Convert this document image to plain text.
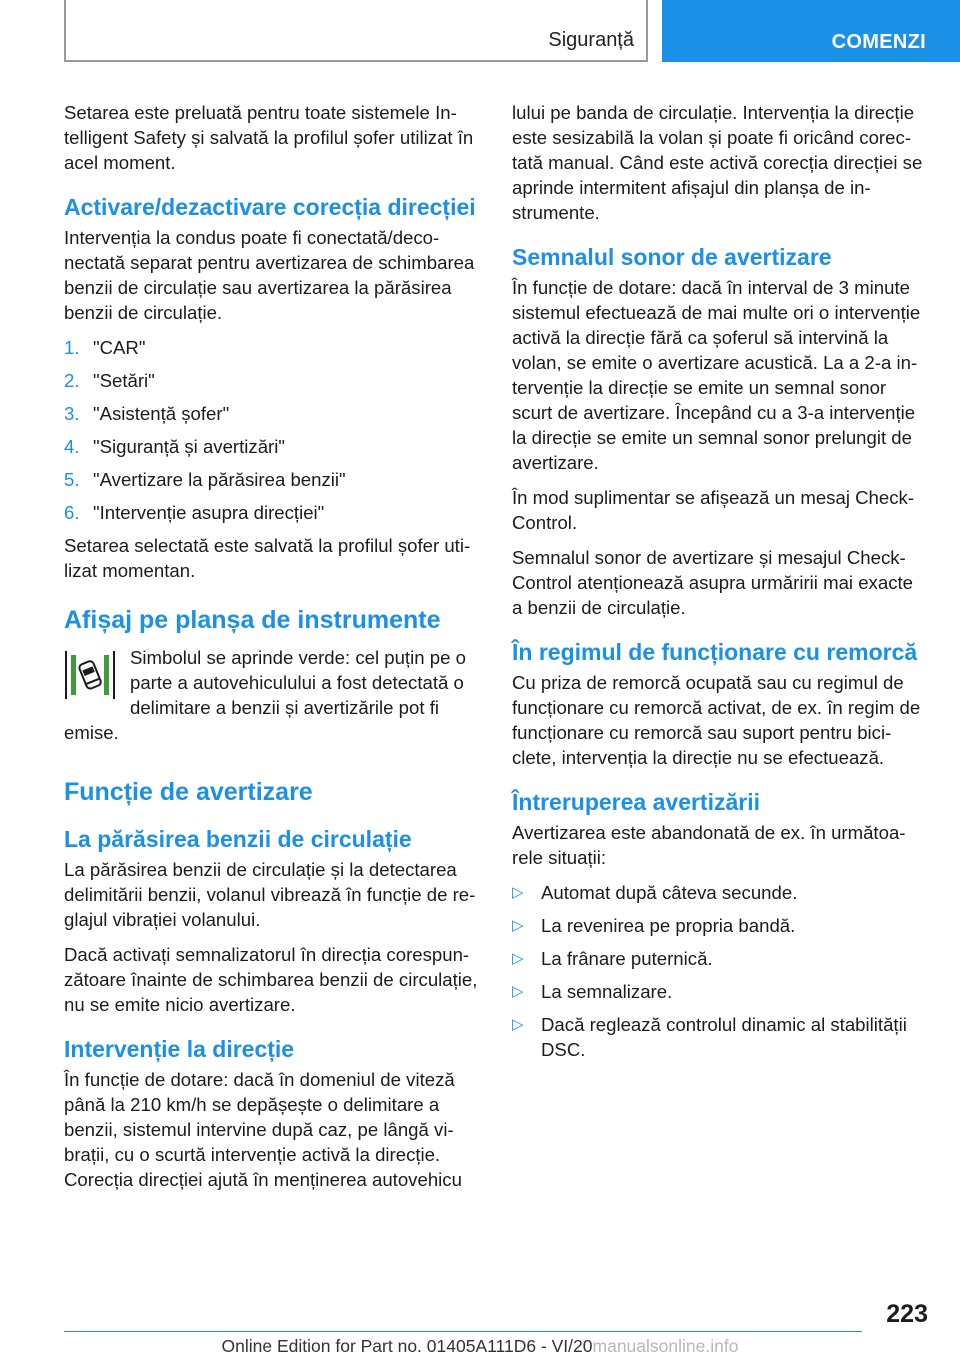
Siguranță	COMENZI

Setarea este preluată pentru toate sistemele Intelligent Safety și salvată la profilul șofer utilizat în acel moment.

Activare/dezactivare corecția direcției

Intervenția la condus poate fi conectată/deconectată separat pentru avertizarea de schimbarea benzii de circulație sau avertizarea la părăsirea benzii de circulație.

1. "CAR"
2. "Setări"
3. "Asistență șofer"
4. "Siguranță și avertizări"
5. "Avertizare la părăsirea benzii"
6. "Intervenție asupra direcției"

Setarea selectată este salvată la profilul șofer utilizat momentan.

Afișaj pe planșa de instrumente

Simbolul se aprinde verde: cel puțin pe o parte a autovehiculului a fost detectată o delimitare a benzii și avertizările pot fi emise.

Funcție de avertizare
La părăsirea benzii de circulație

La părăsirea benzii de circulație și la detectarea delimitării benzii, volanul vibrează în funcție de reglajul vibrației volanului.

Dacă activați semnalizatorul în direcția corespunzătoare înainte de schimbarea benzii de circulație, nu se emite nicio avertizare.

Intervenție la direcție

În funcție de dotare: dacă în domeniul de viteză până la 210 km/h se depășește o delimitare a benzii, sistemul intervine după caz, pe lângă vibrații, cu o scurtă intervenție activă la direcție. Corecția direcției ajută în menținerea autovehicu

lului pe banda de circulație. Intervenția la direcție este sesizabilă la volan și poate fi oricând corectată manual. Când este activă corecția direcției se aprinde intermitent afișajul din planșa de instrumente.

Semnalul sonor de avertizare

În funcție de dotare: dacă în interval de 3 minute sistemul efectuează de mai multe ori o intervenție activă la direcție fără ca șoferul să intervină la volan, se emite o avertizare acustică. La a 2-a intervenție la direcție se emite un semnal sonor scurt de avertizare. Începând cu a 3-a intervenție la direcție se emite un semnal sonor prelungit de avertizare.

În mod suplimentar se afișează un mesaj Check-Control.

Semnalul sonor de avertizare și mesajul Check-Control atenționează asupra urmăririi mai exacte a benzii de circulație.

În regimul de funcționare cu remorcă

Cu priza de remorcă ocupată sau cu regimul de funcționare cu remorcă activat, de ex. în regim de funcționare cu remorcă sau suport pentru biciclete, intervenția la direcție nu se efectuează.

Întreruperea avertizării

Avertizarea este abandonată de ex. în următoarele situații:

▷ Automat după câteva secunde.
▷ La revenirea pe propria bandă.
▷ La frânare puternică.
▷ La semnalizare.
▷ Dacă reglează controlul dinamic al stabilității DSC.
223
Online Edition for Part no. 01405A111D6 - VI/20manualsonline.info
